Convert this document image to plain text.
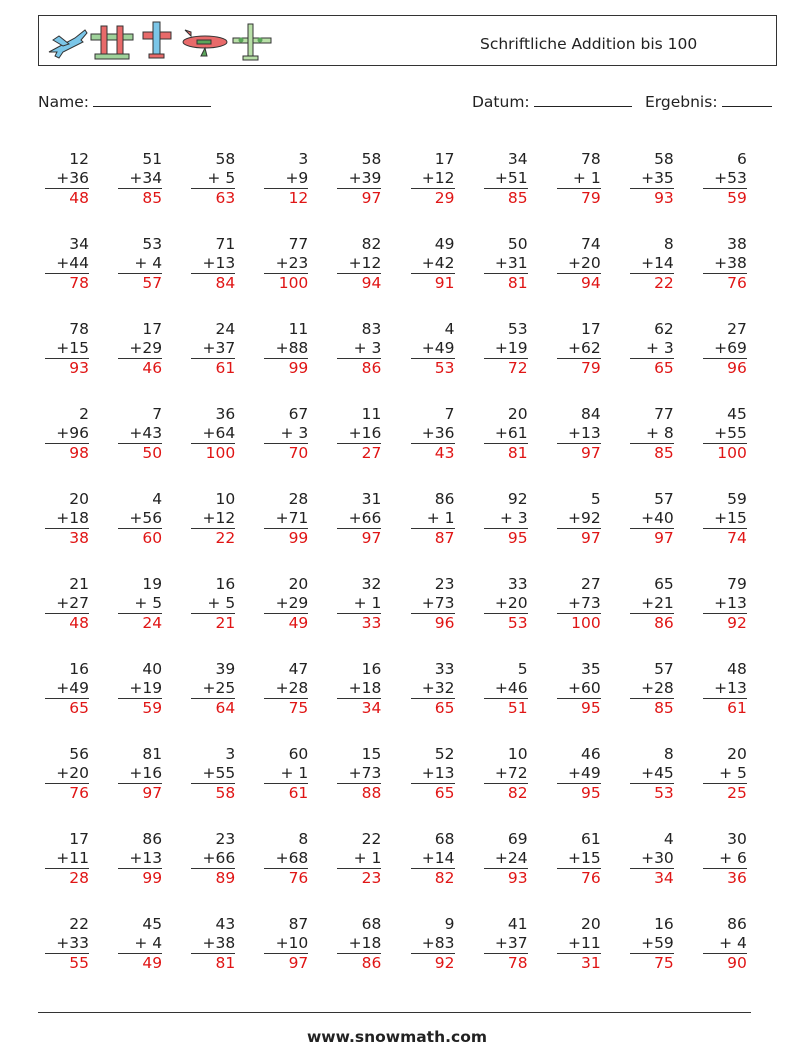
Schriftliche Addition bis 100
Name:	Datum:	Ergebnis:
12
+36
48
51
+34
85
58
+ 5
63
3
+9
12
58
+39
97
17
+12
29
34
+51
85
78
+ 1
79
58
+35
93
6
+53
59
34
+44
78
53
+ 4
57
71
+13
84
77
+23
100
82
+12
94
49
+42
91
50
+31
81
74
+20
94
8
+14
22
38
+38
76
78
+15
93
17
+29
46
24
+37
61
11
+88
99
83
+ 3
86
4
+49
53
53
+19
72
17
+62
79
62
+ 3
65
27
+69
96
2
+96
98
7
+43
50
36
+64
100
67
+ 3
70
11
+16
27
7
+36
43
20
+61
81
84
+13
97
77
+ 8
85
45
+55
100
20
+18
38
4
+56
60
10
+12
22
28
+71
99
31
+66
97
86
+ 1
87
92
+ 3
95
5
+92
97
57
+40
97
59
+15
74
21
+27
48
19
+ 5
24
16
+ 5
21
20
+29
49
32
+ 1
33
23
+73
96
33
+20
53
27
+73
100
65
+21
86
79
+13
92
16
+49
65
40
+19
59
39
+25
64
47
+28
75
16
+18
34
33
+32
65
5
+46
51
35
+60
95
57
+28
85
48
+13
61
56
+20
76
81
+16
97
3
+55
58
60
+ 1
61
15
+73
88
52
+13
65
10
+72
82
46
+49
95
8
+45
53
20
+ 5
25
17
+11
28
86
+13
99
23
+66
89
8
+68
76
22
+ 1
23
68
+14
82
69
+24
93
61
+15
76
4
+30
34
30
+ 6
36
22
+33
55
45
+ 4
49
43
+38
81
87
+10
97
68
+18
86
9
+83
92
41
+37
78
20
+11
31
16
+59
75
86
+ 4
90
www.snowmath.com
